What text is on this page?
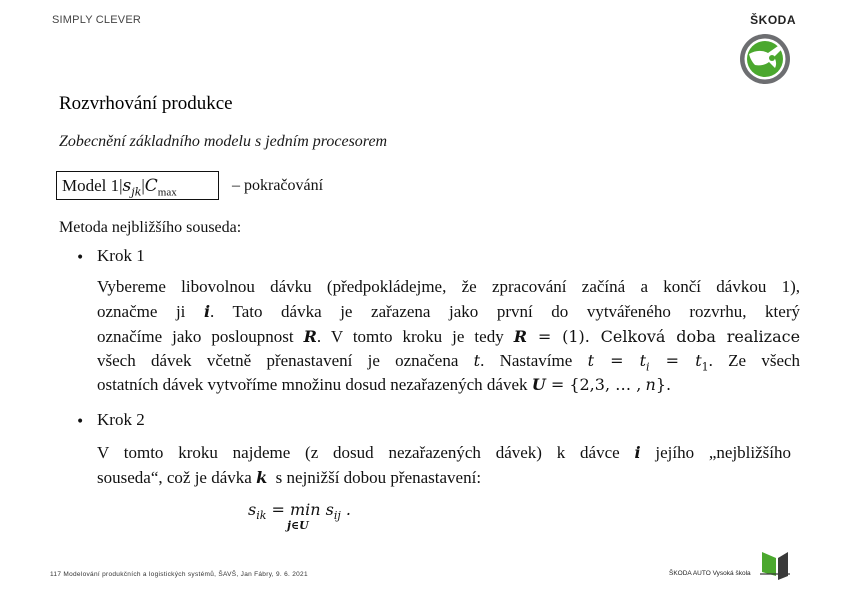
SIMPLY CLEVER	ŠKODA
Rozvrhování produkce
Zobecnění základního modelu s jedním procesorem
Model $1|s_{jk}|C_{max}$	– pokračování
Metoda nejbližšího souseda:
• Krok 1
Vybereme libovolnou dávku (předpokládejme, že zpracování začíná a končí dávkou 1),
označme ji i. Tato dávka je zařazena jako první do vytvářeného rozvrhu, který
označíme jako posloupnost R. V tomto kroku je tedy R = (1). Celková doba realizace
všech dávek včetně přenastavení je označena t. Nastavíme $t = t_i = t_1$. Ze všech
ostatních dávek vytvoříme množinu dosud nezařazených dávek U = {2,3, … , n}.
• Krok 2
V tomto kroku najdeme (z dosud nezařazených dávek) k dávce i jejího „nejbližšího
souseda“, což je dávka k s nejnižší dobou přenastavení:
$s_{ik} = \min$
j∈U
$s_{ij}$ .
117 Modelování produkčních a logistických systémů, ŠAVŠ, Jan Fábry, 9. 6. 2021	ŠKODA AUTO Vysoká škola
